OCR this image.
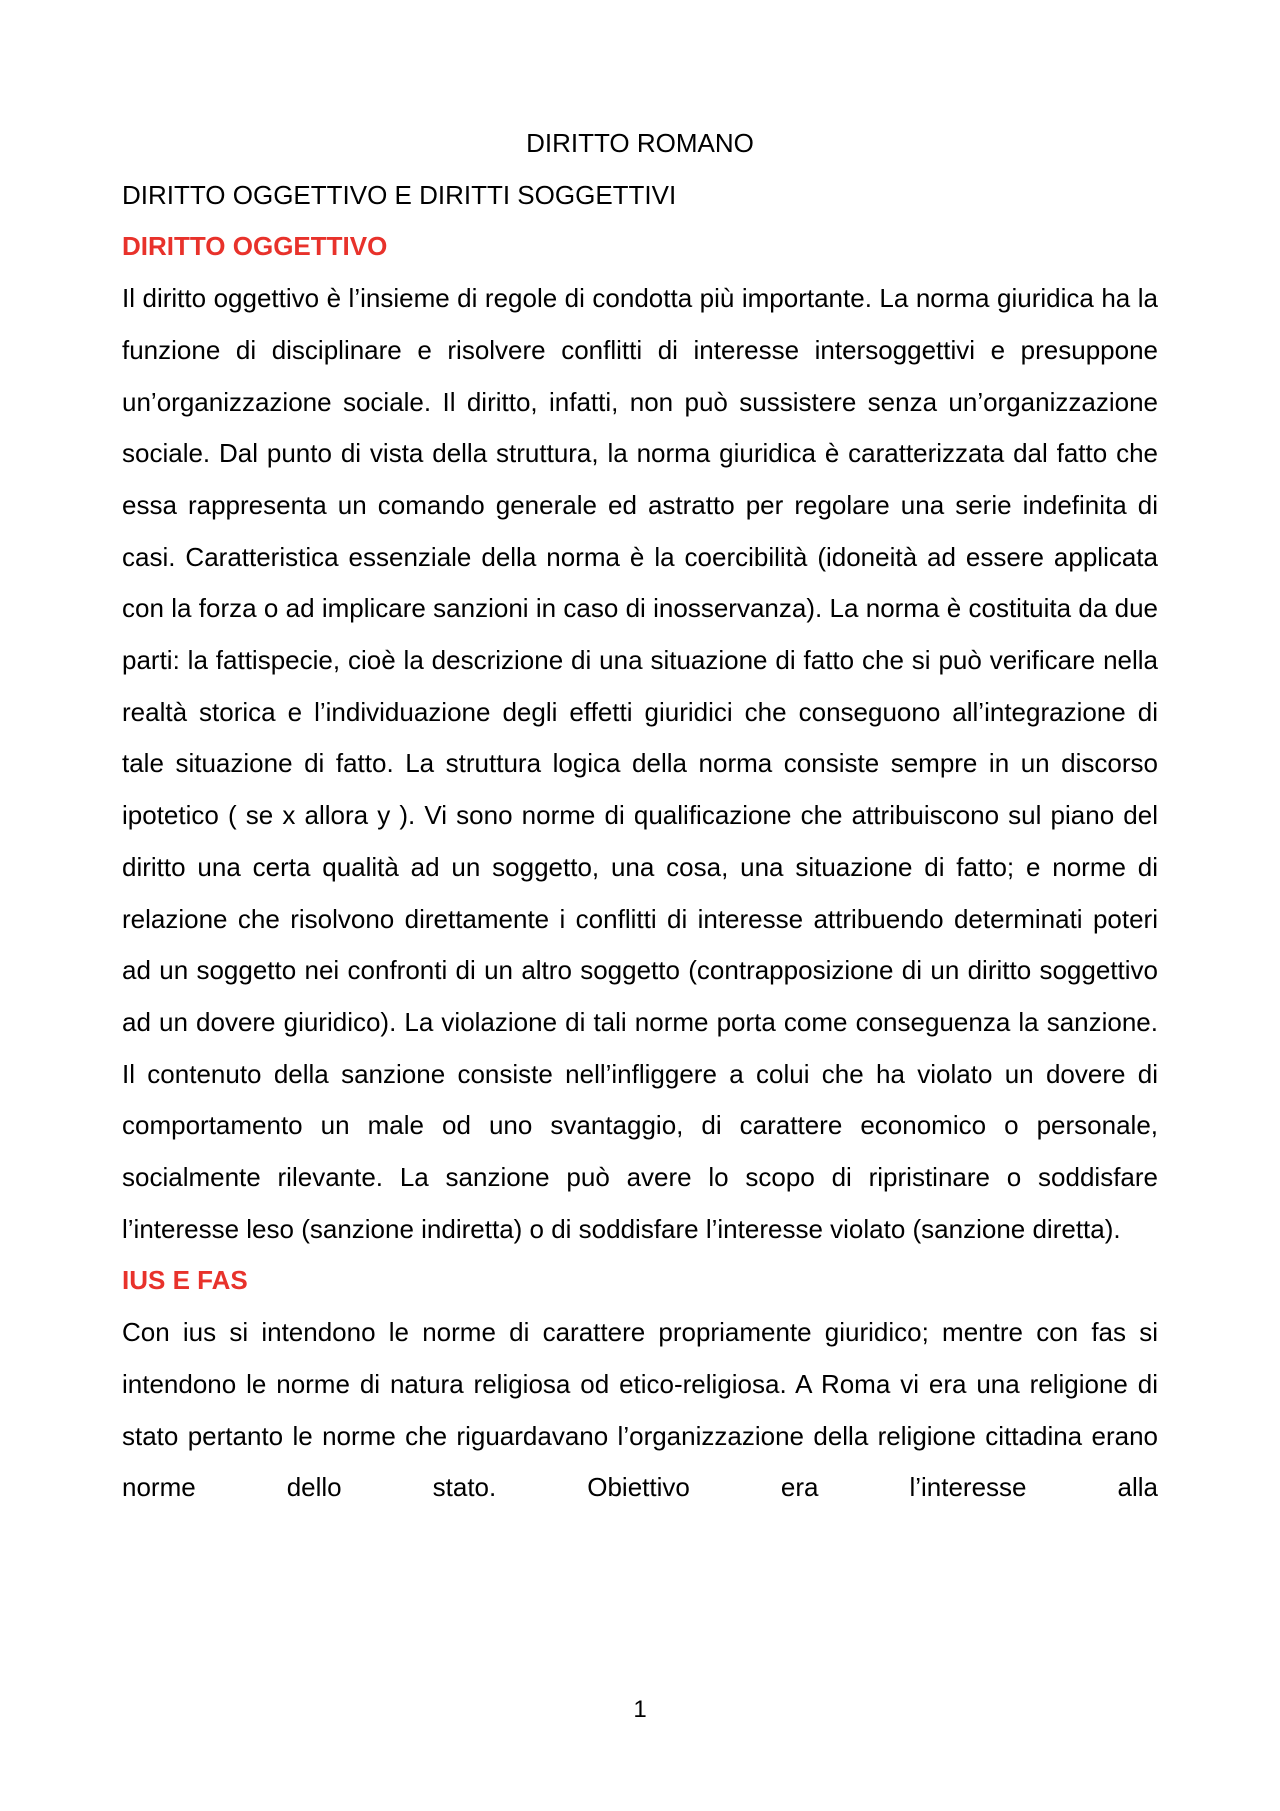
DIRITTO ROMANO
DIRITTO OGGETTIVO E DIRITTI SOGGETTIVI
DIRITTO OGGETTIVO

Il diritto oggettivo è l’insieme di regole di condotta più importante. La norma giuridica ha la funzione di disciplinare e risolvere conflitti di interesse intersoggettivi e presuppone un’organizzazione sociale. Il diritto, infatti, non può sussistere senza un’organizzazione sociale. Dal punto di vista della struttura, la norma giuridica è caratterizzata dal fatto che essa rappresenta un comando generale ed astratto per regolare una serie indefinita di casi. Caratteristica essenziale della norma è la coercibilità (idoneità ad essere applicata con la forza o ad implicare sanzioni in caso di inosservanza). La norma è costituita da due parti: la fattispecie, cioè la descrizione di una situazione di fatto che si può verificare nella realtà storica e l’individuazione degli effetti giuridici che conseguono all’integrazione di tale situazione di fatto. La struttura logica della norma consiste sempre in un discorso ipotetico ( se x allora y ). Vi sono norme di qualificazione che attribuiscono sul piano del diritto una certa qualità ad un soggetto, una cosa, una situazione di fatto; e norme di relazione che risolvono direttamente i conflitti di interesse attribuendo determinati poteri ad un soggetto nei confronti di un altro soggetto (contrapposizione di un diritto soggettivo ad un dovere giuridico). La violazione di tali norme porta come conseguenza la sanzione. Il contenuto della sanzione consiste nell’infliggere a colui che ha violato un dovere di comportamento un male od uno svantaggio, di carattere economico o personale, socialmente rilevante. La sanzione può avere lo scopo di ripristinare o soddisfare l’interesse leso (sanzione indiretta) o di soddisfare l’interesse violato (sanzione diretta).

IUS E FAS

Con ius si intendono le norme di carattere propriamente giuridico; mentre con fas si intendono le norme di natura religiosa od etico-religiosa. A Roma vi era una religione di stato pertanto le norme che riguardavano l’organizzazione della religione cittadina erano norme dello stato. Obiettivo era l’interesse alla

1
